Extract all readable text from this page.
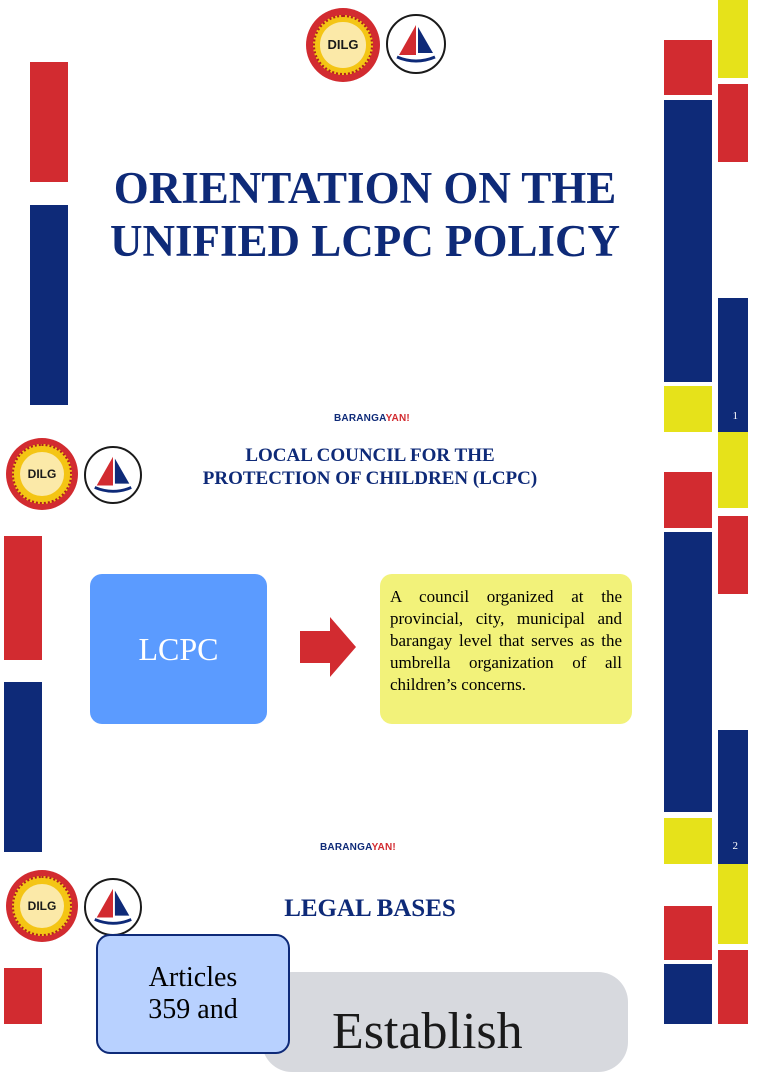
DILG
ORIENTATION ON THE
UNIFIED LCPC POLICY
BARANGAYAN!	1
DILG
LOCAL COUNCIL FOR THE
PROTECTION OF CHILDREN (LCPC)
LCPC
A council organized at the provincial, city, municipal and barangay level that serves as the umbrella organization of all children’s concerns.
BARANGAYAN!	2
DILG	LEGAL BASES
Establish
Articles
359 and
